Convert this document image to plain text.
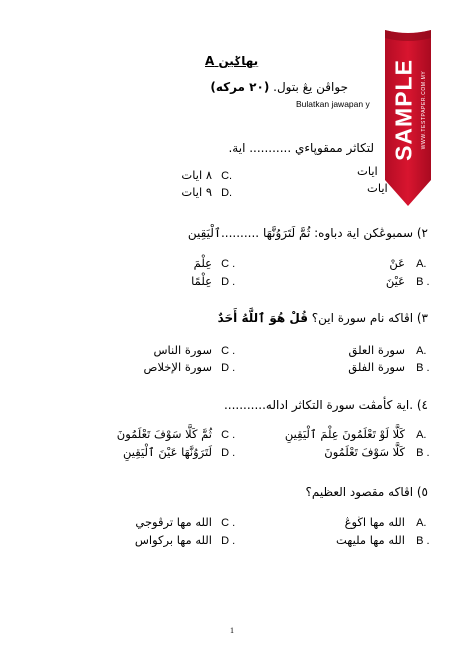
بهاݢين A
جواڤن يڠ بتول. (٢٠ مركه)
Bulatkan jawapan y
لتكاثر ممقوڽاءي ........... اية.
٨ ايات C.
٩ ايات D.
ايات
ايات
٢) سمبوڠكن اية دباوه: ثُمَّ لَتَرَوُنَّهَا ..........ٱلْيَقِين
عِلْمَ C .
عِلْمًا D .
عَنْ A.
عَيْنَ B .
٣) اڤاكه نام سورة اين؟ قُلْ هُوَ ٱللَّهُ أَحَدٌ
سورة الناس C .
سورة الإخلاص D .
سورة العلق A.
سورة الفلق B .
٤) .اية كأمڤت سورة التكاثر اداله...........
ثُمَّ كَلَّا سَوْفَ تَعْلَمُونَ C .
لَتَرَوُنَّهَا عَيْنَ ٱلْيَقِينِ D .
كَلَّا لَوْ تَعْلَمُونَ عِلْمَ ٱلْيَقِينِ A.
كَلَّا سَوْفَ تَعْلَمُونَ B .
٥) اڤاكه مقصود العظيم؟
الله مها ترڤوجي C .
الله مها بركواس D .
الله مها اڬوڠ A.
الله مها مليهت B .
1
SAMPLE WWW.TESTPAPER.COM.MY
